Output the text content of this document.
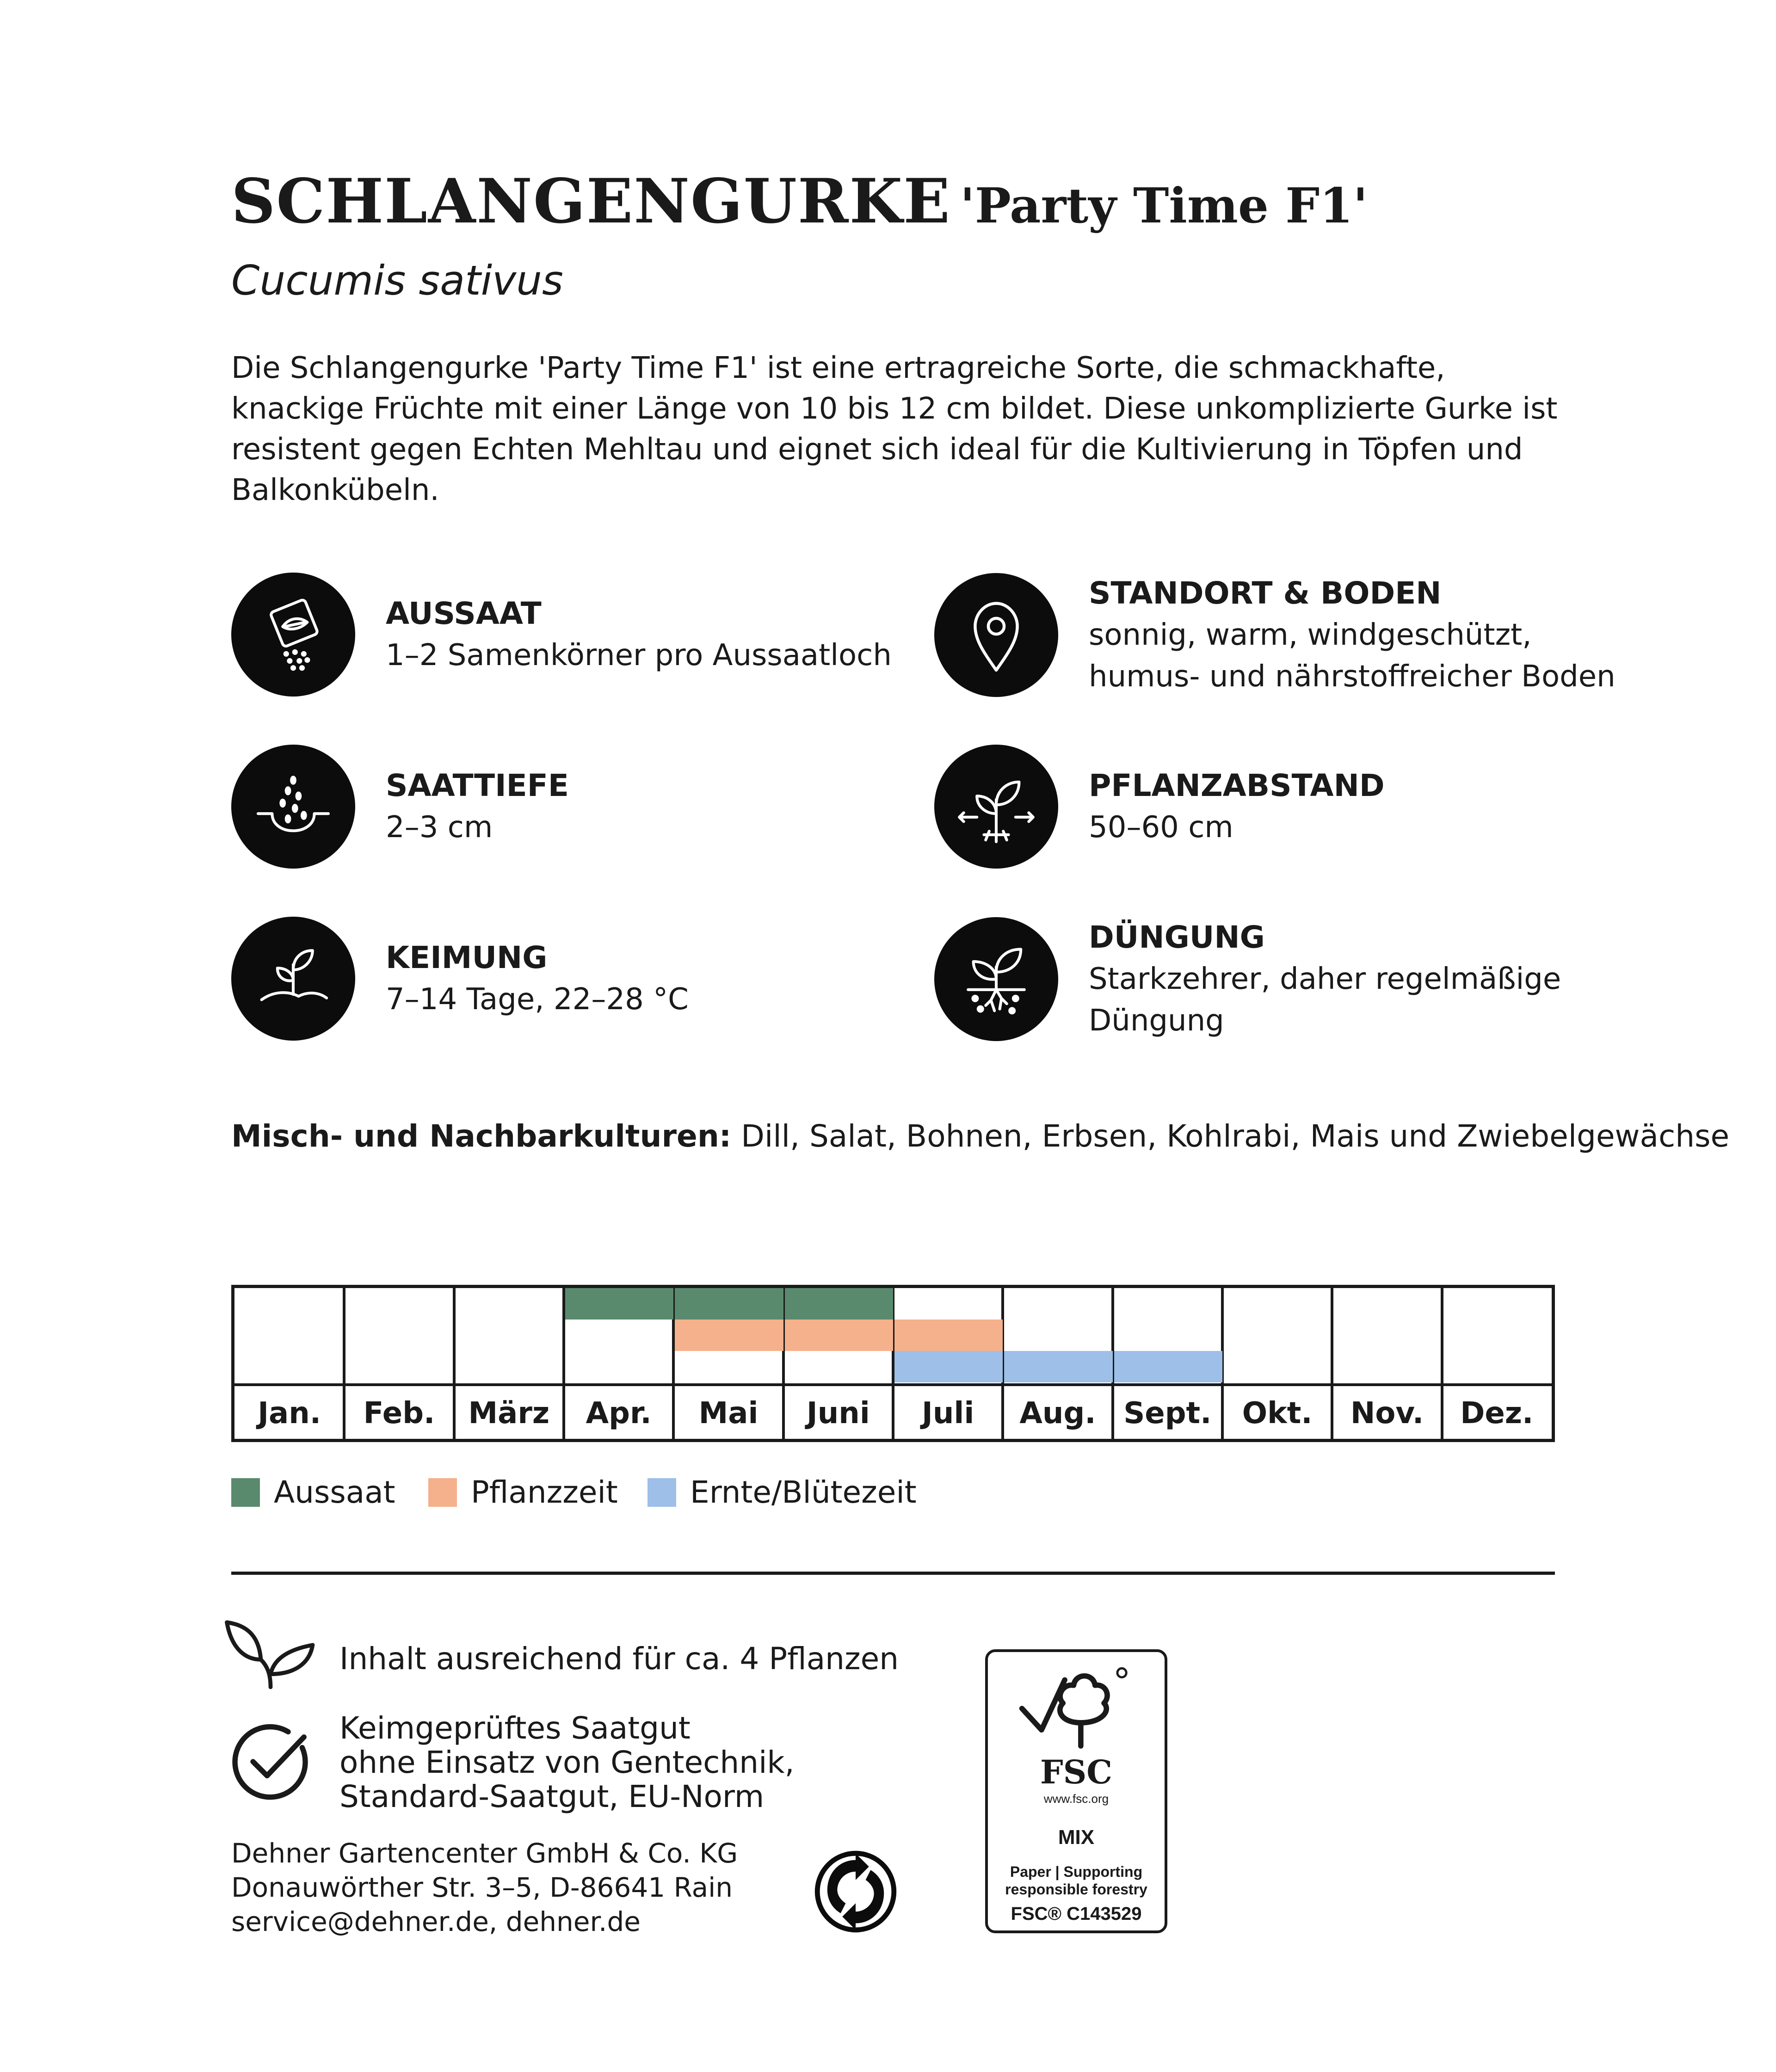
SCHLANGENGURKE 'Party Time F1'
Cucumis sativus
Die Schlangengurke 'Party Time F1' ist eine ertragreiche Sorte, die schmackhafte,
knackige Früchte mit einer Länge von 10 bis 12 cm bildet. Diese unkomplizierte Gurke ist
resistent gegen Echten Mehltau und eignet sich ideal für die Kultivierung in Töpfen und
Balkonkübeln.
AUSSAAT
1–2 Samenkörner pro Aussaatloch
SAATTIEFE
2–3 cm
KEIMUNG
7–14 Tage, 22–28 °C
STANDORT & BODEN
sonnig, warm, windgeschützt,
humus- und nährstoffreicher Boden
PFLANZABSTAND
50–60 cm
DÜNGUNG
Starkzehrer, daher regelmäßige
Düngung
Misch- und Nachbarkulturen: Dill, Salat, Bohnen, Erbsen, Kohlrabi, Mais und Zwiebelgewächse
Jan.	Feb.	März	Apr.	Mai	Juni	Juli	Aug. Sept.	Okt.	Nov.	Dez.
Aussaat Pflanzzeit Ernte/Blütezeit
Inhalt ausreichend für ca. 4 Pflanzen
Keimgeprüftes Saatgut
ohne Einsatz von Gentechnik,
Standard-Saatgut, EU-Norm
Dehner Gartencenter GmbH & Co. KG
Donauwörther Str. 3–5, D-86641 Rain
service@dehner.de, dehner.de
FSC
www.fsc.org
MIX
Paper | Supporting
responsible forestry
FSC® C143529
